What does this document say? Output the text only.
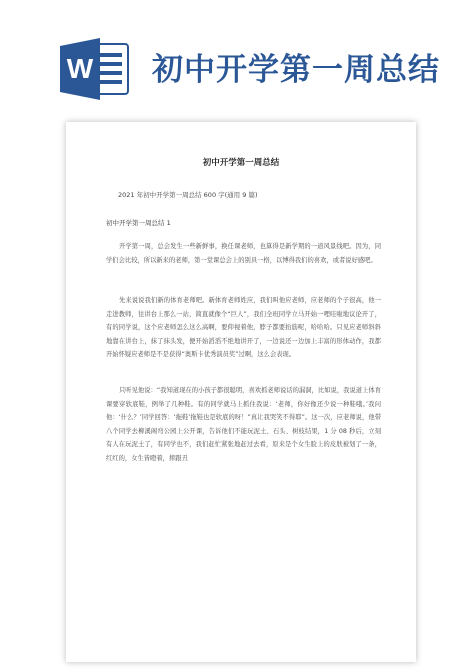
W 初中开学第一周总结
初中开学第一周总结
2021 年初中开学第一周总结 600 字(通用 9 篇)
初中开学第一周总结 1
开学第一周，总会发生一些新鲜事，换任课老师，也算得是新学期的一道风景线吧。因为，同学们会比较，所以新来的老师，第一堂课总会上的别具一格，以博得我们的喜欢，或者说好感吧。
先来说说我们新的体育老师吧。新体育老师姓应，我们叫他应老师，应老师的个子很高，他一走进教师，往讲台上那么一站，简直就像个“巨人”，我们全班同学立马开始一哩哇啦地议论开了，有的同学说，这个应老师怎么这么高啊，要仰视着他，脖子都要抬筋呢，哈哈哈。只见应老师斜斜地靠在讲台上，抹了抹头发，便开始滔滔不绝地讲开了，一边说还一边加上丰富的形体动作，我都开始怀疑应老师是不是获得“奥斯卡优秀演员奖”过啊，这么会表现。
只听见他说：“我知道现在的小孩子都很聪明，喜欢抓老师说话的漏洞，比如说，我说道上体育课要穿软底鞋，例举了几种鞋。有的同学就马上抓住我说：‘老师，你好像还少说一种鞋哦。’我问他：‘什么？’同学回答：‘拖鞋’拖鞋也是软底的呀！”真让我哭笑不得耶”。这一次，应老师说，他带八个同学去柳溪阁弯公园上公开课，告诉他们不能玩泥土、石头、树枝结果，1 分 08 秒后，立刻有人在玩泥土了，有同学也不，我们赶忙紧张地赶过去看，原来是个女生脸上的皮肤被划了一条，红红的，女生皆瞪着，摔跟丑
